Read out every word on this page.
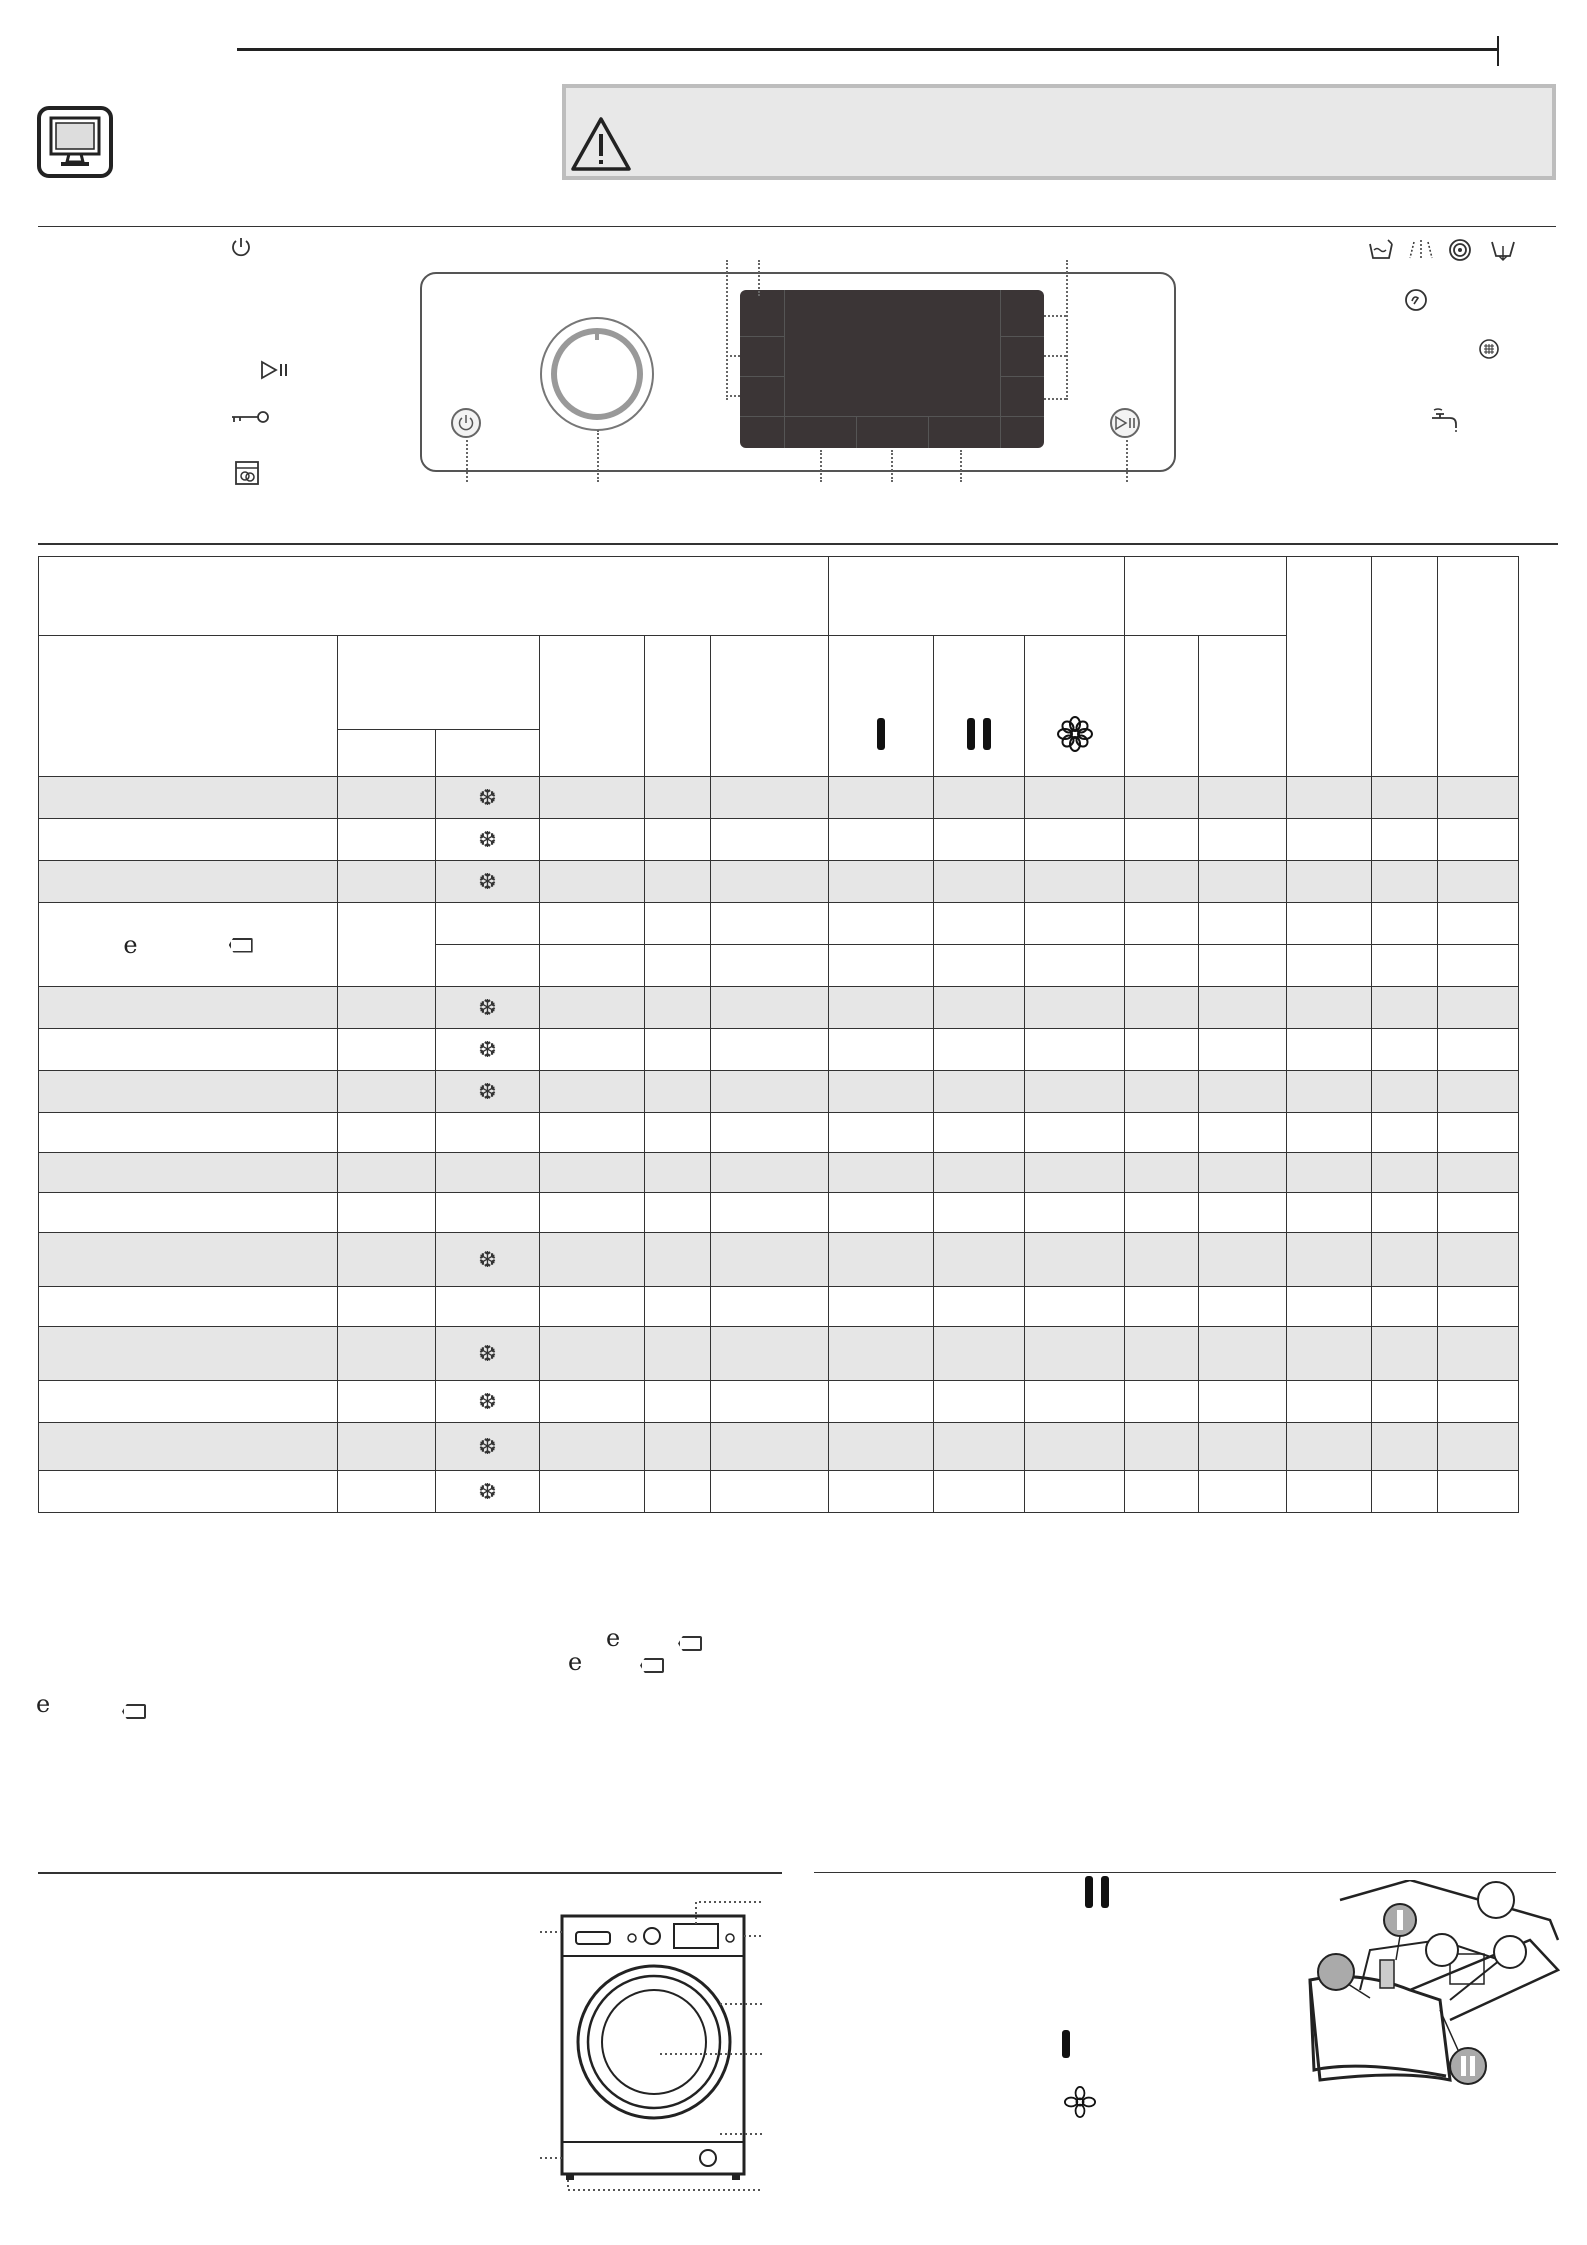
		❆											
		❆											
		❆											
e													

		❆											
		❆											
		❆											

		❆											

		❆											
		❆											
		❆											
		❆											
e
e
e
